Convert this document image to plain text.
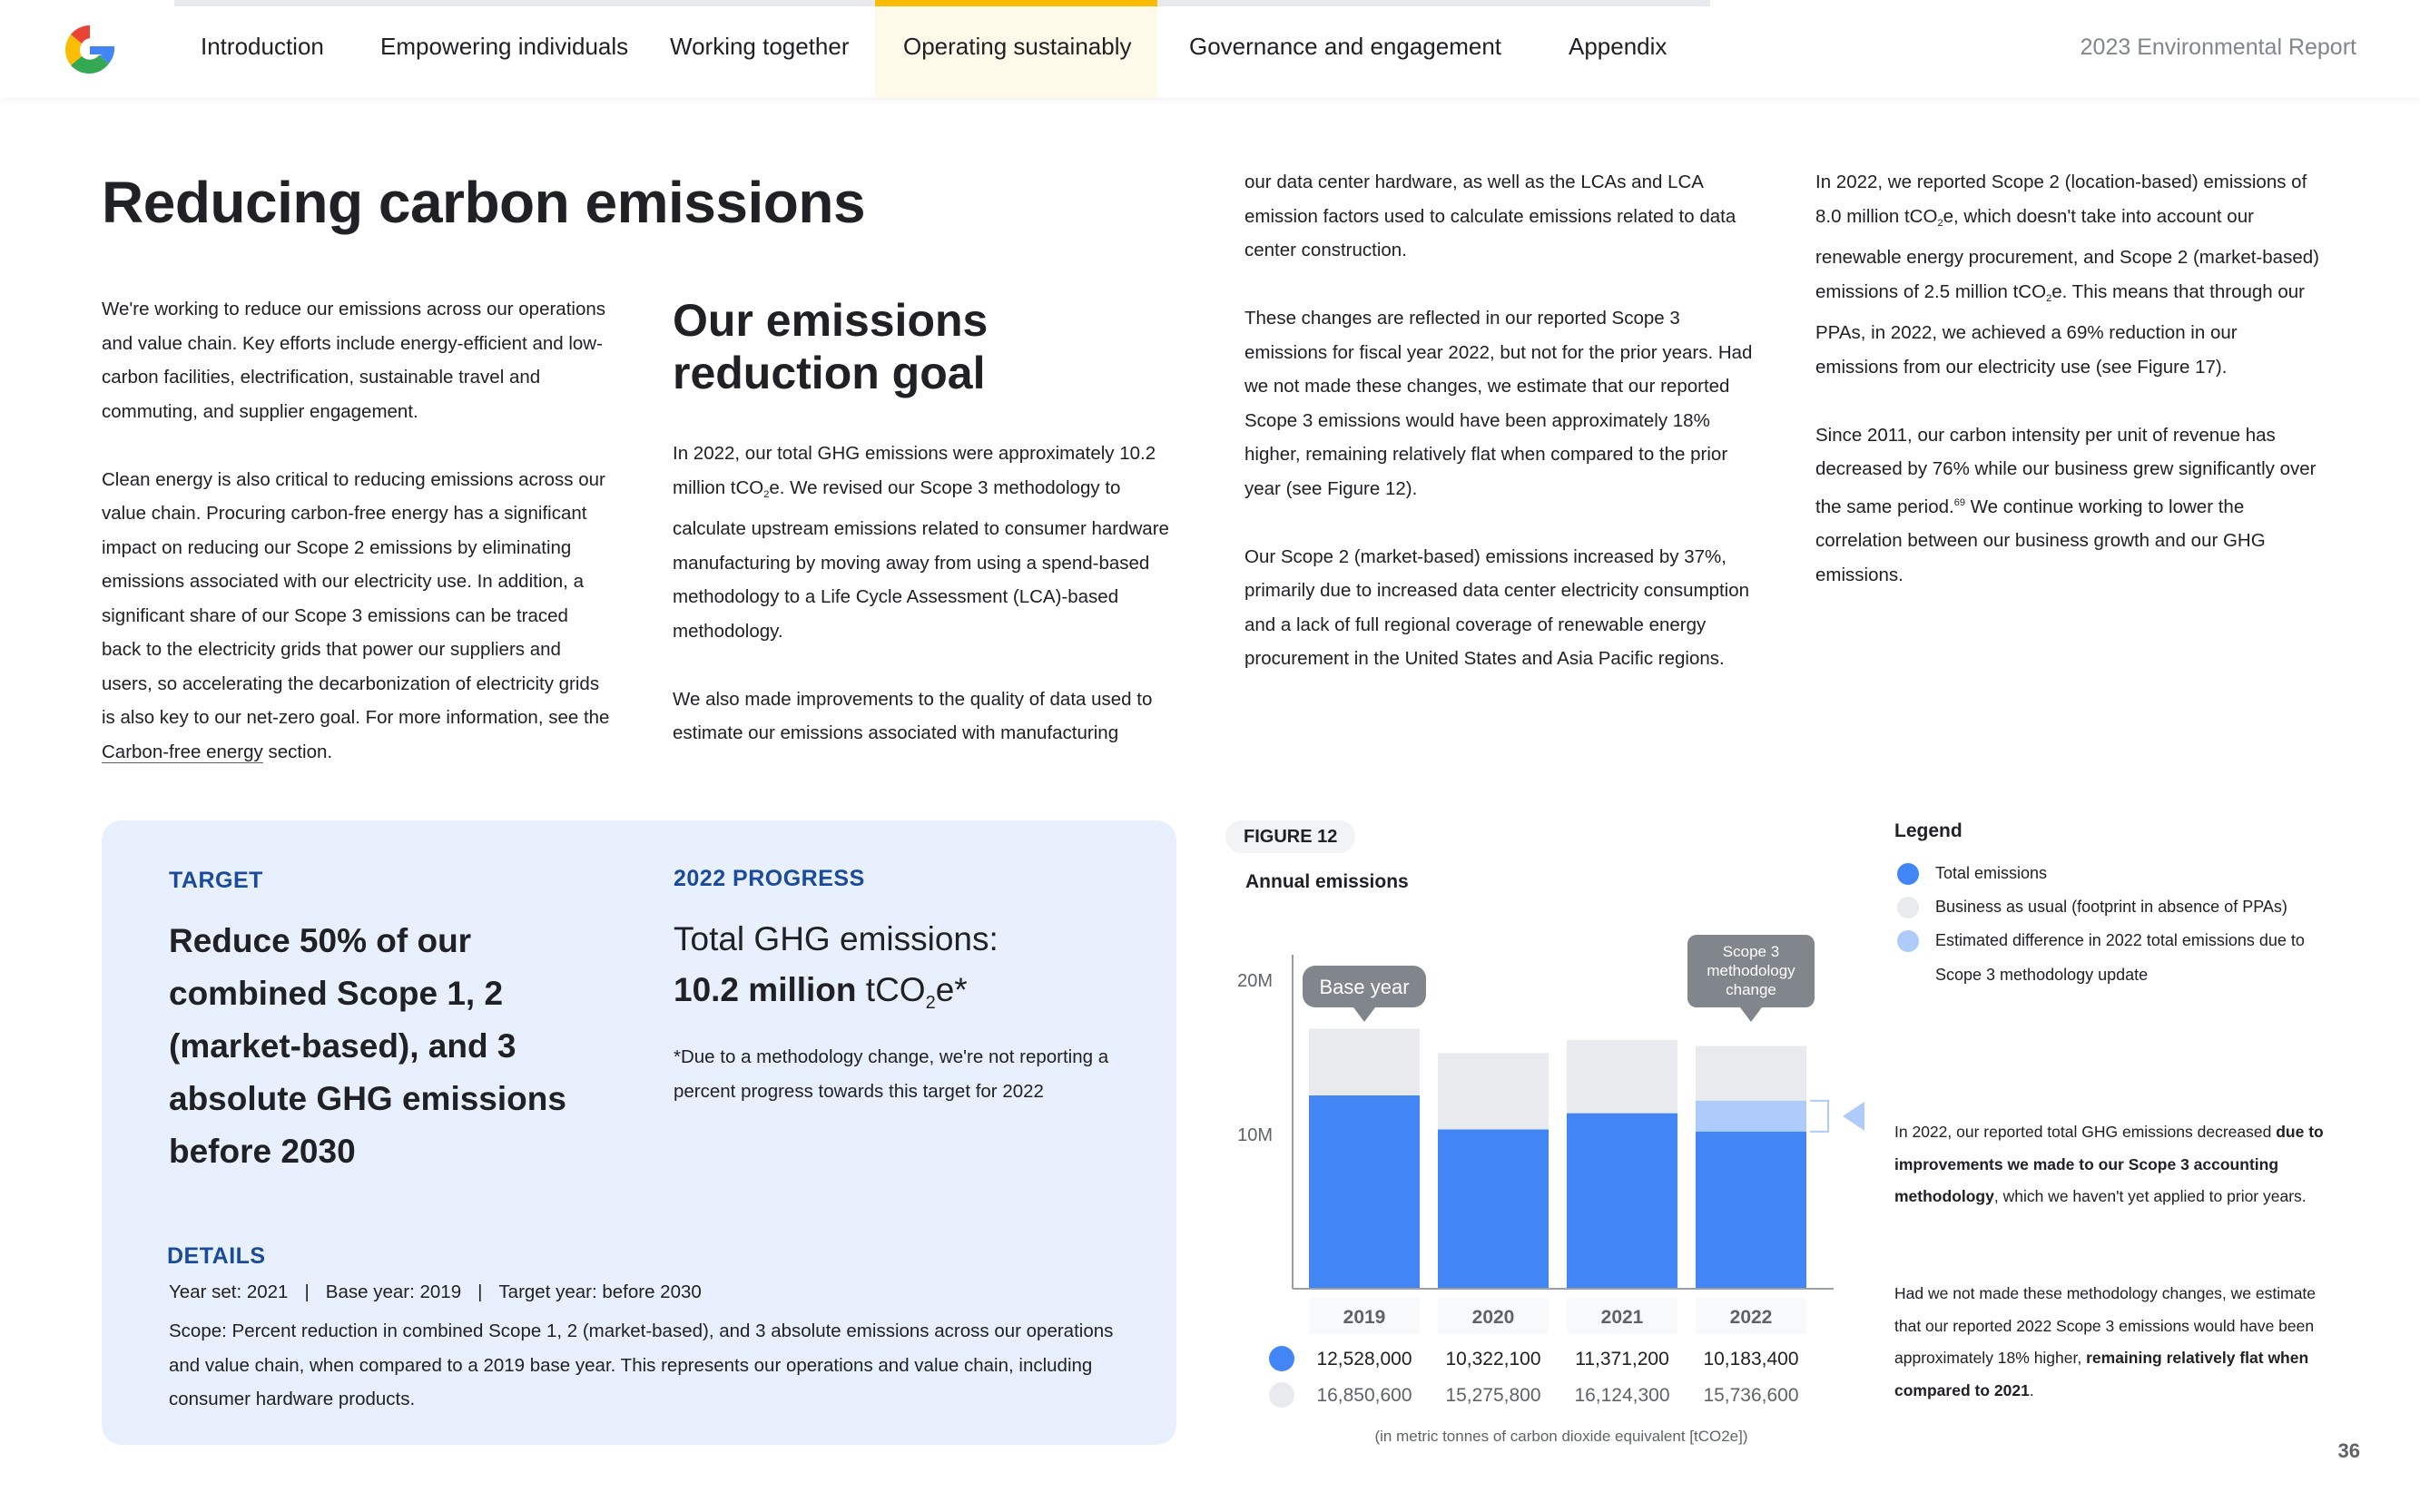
Introduction Empowering individuals Working together Operating sustainably Governance and engagement	Appendix	2023 Environmental Report
Reducing carbon emissions

We're working to reduce our emissions across our operations and value chain. Key efforts include energy-efficient and low-carbon facilities, electrification, sustainable travel and commuting, and supplier engagement.

Clean energy is also critical to reducing emissions across our value chain. Procuring carbon-free energy has a significant impact on reducing our Scope 2 emissions by eliminating emissions associated with our electricity use. In addition, a significant share of our Scope 3 emissions can be traced back to the electricity grids that power our suppliers and users, so accelerating the decarbonization of electricity grids is also key to our net-zero goal. For more information, see the Carbon-free energy section.

Our emissions reduction goal

In 2022, our total GHG emissions were approximately 10.2 million tCO$_2$e. We revised our Scope 3 methodology to calculate upstream emissions related to consumer hardware manufacturing by moving away from using a spend-based methodology to a Life Cycle Assessment (LCA)-based methodology.

We also made improvements to the quality of data used to estimate our emissions associated with manufacturing

our data center hardware, as well as the LCAs and LCA emission factors used to calculate emissions related to data center construction.

These changes are reflected in our reported Scope 3 emissions for fiscal year 2022, but not for the prior years. Had we not made these changes, we estimate that our reported Scope 3 emissions would have been approximately 18% higher, remaining relatively flat when compared to the prior year (see Figure 12).

Our Scope 2 (market-based) emissions increased by 37%, primarily due to increased data center electricity consumption and a lack of full regional coverage of renewable energy procurement in the United States and Asia Pacific regions.

In 2022, we reported Scope 2 (location-based) emissions of 8.0 million tCO$_2$e, which doesn't take into account our renewable energy procurement, and Scope 2 (market-based) emissions of 2.5 million tCO$_2$e. This means that through our PPAs, in 2022, we achieved a 69% reduction in our emissions from our electricity use (see Figure 17).

Since 2011, our carbon intensity per unit of revenue has decreased by 76% while our business grew significantly over the same period.$^{69}$ We continue working to lower the correlation between our business growth and our GHG emissions.

TARGET
Reduce 50% of our combined Scope 1, 2 (market-based), and 3 absolute GHG emissions before 2030
2022 PROGRESS
Total GHG emissions:
10.2 million tCO$_2$e*
*Due to a methodology change, we're not reporting a percent progress towards this target for 2022
DETAILS
Year set: 2021 | Base year: 2019 | Target year: before 2030
Scope: Percent reduction in combined Scope 1, 2 (market-based), and 3 absolute emissions across our operations and value chain, when compared to a 2019 base year. This represents our operations and value chain, including consumer hardware products.
FIGURE 12
Annual emissions
10M
20M
2019
12,528,000
16,850,600
2020
10,322,100
15,275,800
2021
11,371,200
16,124,300
2022
10,183,400
15,736,600
Base year
Scope 3
methodology
change
(in metric tonnes of carbon dioxide equivalent [tCO2e])
Legend
Total emissions
Business as usual (footprint in absence of PPAs)
Estimated difference in 2022 total emissions due to Scope 3 methodology update
In 2022, our reported total GHG emissions decreased due to improvements we made to our Scope 3 accounting methodology, which we haven't yet applied to prior years.
Had we not made these methodology changes, we estimate that our reported 2022 Scope 3 emissions would have been approximately 18% higher, remaining relatively flat when compared to 2021.
36
